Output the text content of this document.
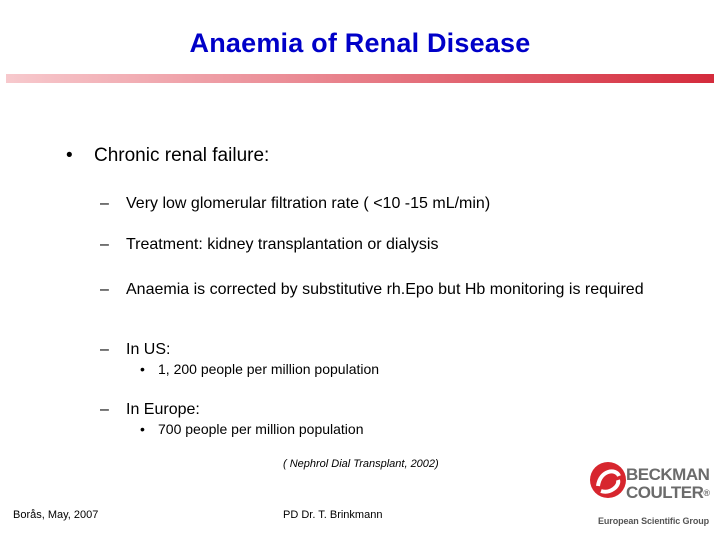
Anaemia of Renal Disease
• Chronic renal failure:
– Very low glomerular filtration rate ( <10 -15 mL/min)
– Treatment: kidney transplantation or dialysis
– Anaemia is corrected by substitutive rh.Epo but Hb monitoring is required
– In US:
• 1, 200 people per million population
– In Europe:
• 700 people per million population
( Nephrol Dial Transplant, 2002)
Borås, May, 2007	PD Dr. T. Brinkmann
BECKMAN
COULTER®
European Scientific Group
